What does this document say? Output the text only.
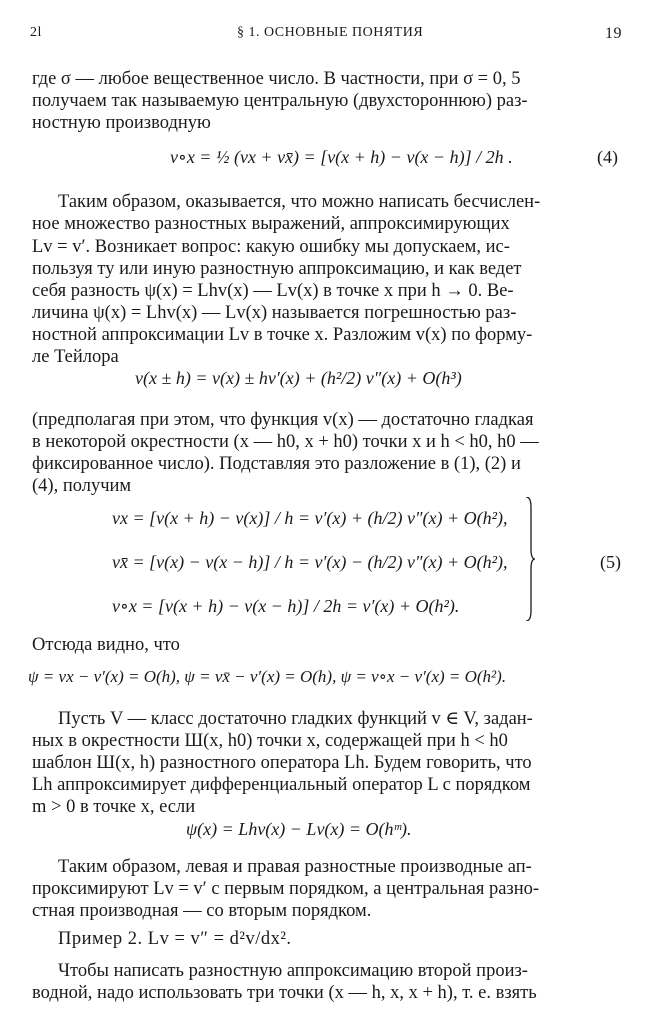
2l	§ 1. ОСНОВНЫЕ ПОНЯТИЯ	19
где σ — любое вещественное число. В частности, при σ = 0, 5
получаем так называемую центральную (двухстороннюю) раз-
ностную производную
v∘x = ½ (vx + vx̄) = [v(x + h) − v(x − h)] / 2h .	(4)
Таким образом, оказывается, что можно написать бесчислен-
ное множество разностных выражений, аппроксимирующих
Lv = v′. Возникает вопрос: какую ошибку мы допускаем, ис-
пользуя ту или иную разностную аппроксимацию, и как ведет
себя разность ψ(x) = Lhv(x) — Lv(x) в точке x при h → 0. Ве-
личина ψ(x) = Lhv(x) — Lv(x) называется погрешностью раз-
ностной аппроксимации Lv в точке x. Разложим v(x) по форму-
ле Тейлора
v(x ± h) = v(x) ± hv′(x) + (h²/2) v″(x) + O(h³)
(предполагая при этом, что функция v(x) — достаточно гладкая
в некоторой окрестности (x — h0, x + h0) точки x и h < h0, h0 —
фиксированное число). Подставляя это разложение в (1), (2) и
(4), получим
vx = [v(x + h) − v(x)] / h = v′(x) + (h/2) v″(x) + O(h²),
vx̄ = [v(x) − v(x − h)] / h = v′(x) − (h/2) v″(x) + O(h²),
v∘x = [v(x + h) − v(x − h)] / 2h = v′(x) + O(h²).
(5)
Отсюда видно, что
ψ = vx − v′(x) = O(h), ψ = vx̄ − v′(x) = O(h), ψ = v∘x − v′(x) = O(h²).
Пусть V — класс достаточно гладких функций v ∈ V, задан-
ных в окрестности Ш(x, h0) точки x, содержащей при h < h0
шаблон Ш(x, h) разностного оператора Lh. Будем говорить, что
Lh аппроксимирует дифференциальный оператор L с порядком
m > 0 в точке x, если
ψ(x) = Lhv(x) − Lv(x) = O(hᵐ).
Таким образом, левая и правая разностные производные ап-
проксимируют Lv = v′ с первым порядком, а центральная разно-
стная производная — со вторым порядком.
Пример 2. Lv = v″ = d²v/dx².
Чтобы написать разностную аппроксимацию второй произ-
водной, надо использовать три точки (x — h, x, x + h), т. е. взять
